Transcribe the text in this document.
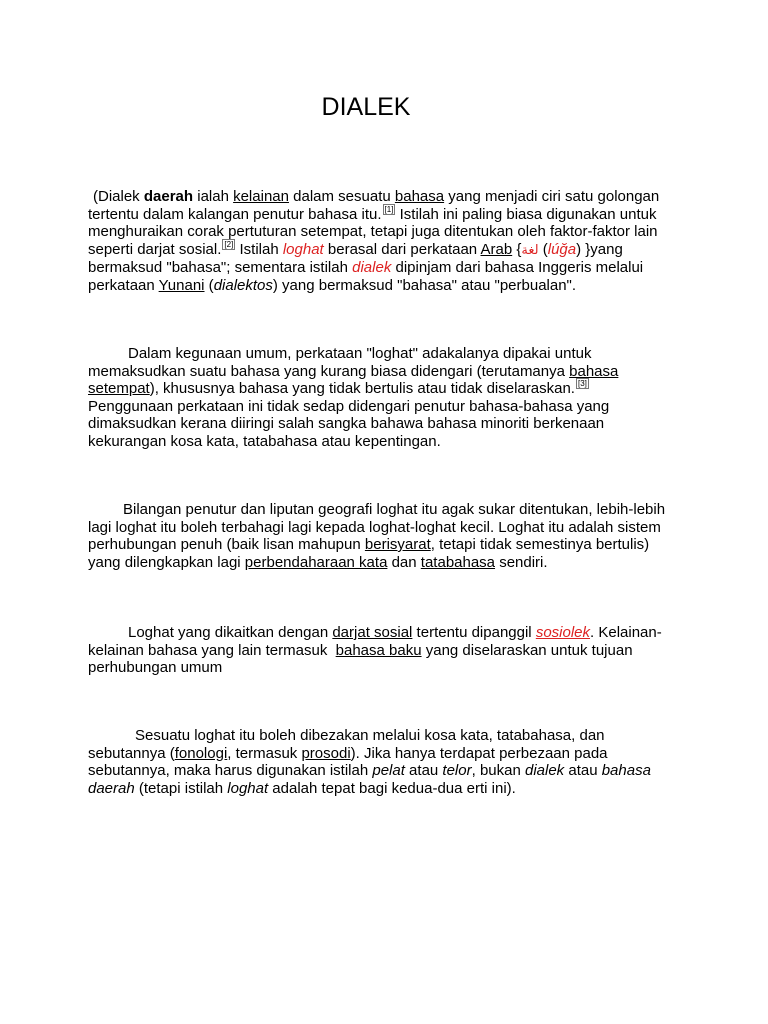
DIALEK
(Dialek daerah ialah kelainan dalam sesuatu bahasa yang menjadi ciri satu golongan
tertentu dalam kalangan penutur bahasa itu. [1] Istilah ini paling biasa digunakan untuk
menghuraikan corak pertuturan setempat, tetapi juga ditentukan oleh faktor-faktor lain
seperti darjat sosial. [2] Istilah loghat berasal dari perkataan Arab {لغة (lúğa) }yang
bermaksud "bahasa"; sementara istilah dialek dipinjam dari bahasa Inggeris melalui
perkataan Yunani (dialektos) yang bermaksud "bahasa" atau "perbualan".
Dalam kegunaan umum, perkataan "loghat" adakalanya dipakai untuk
memaksudkan suatu bahasa yang kurang biasa didengari (terutamanya bahasa
setempat), khususnya bahasa yang tidak bertulis atau tidak diselaraskan. [3]
Penggunaan perkataan ini tidak sedap didengari penutur bahasa-bahasa yang
dimaksudkan kerana diiringi salah sangka bahawa bahasa minoriti berkenaan
kekurangan kosa kata, tatabahasa atau kepentingan.
Bilangan penutur dan liputan geografi loghat itu agak sukar ditentukan, lebih-lebih
lagi loghat itu boleh terbahagi lagi kepada loghat-loghat kecil. Loghat itu adalah sistem
perhubungan penuh (baik lisan mahupun berisyarat, tetapi tidak semestinya bertulis)
yang dilengkapkan lagi perbendaharaan kata dan tatabahasa sendiri.
Loghat yang dikaitkan dengan darjat sosial tertentu dipanggil sosiolek. Kelainan-
kelainan bahasa yang lain termasuk  bahasa baku yang diselaraskan untuk tujuan
perhubungan umum
Sesuatu loghat itu boleh dibezakan melalui kosa kata, tatabahasa, dan
sebutannya (fonologi, termasuk prosodi). Jika hanya terdapat perbezaan pada
sebutannya, maka harus digunakan istilah pelat atau telor, bukan dialek atau bahasa
daerah (tetapi istilah loghat adalah tepat bagi kedua-dua erti ini).
